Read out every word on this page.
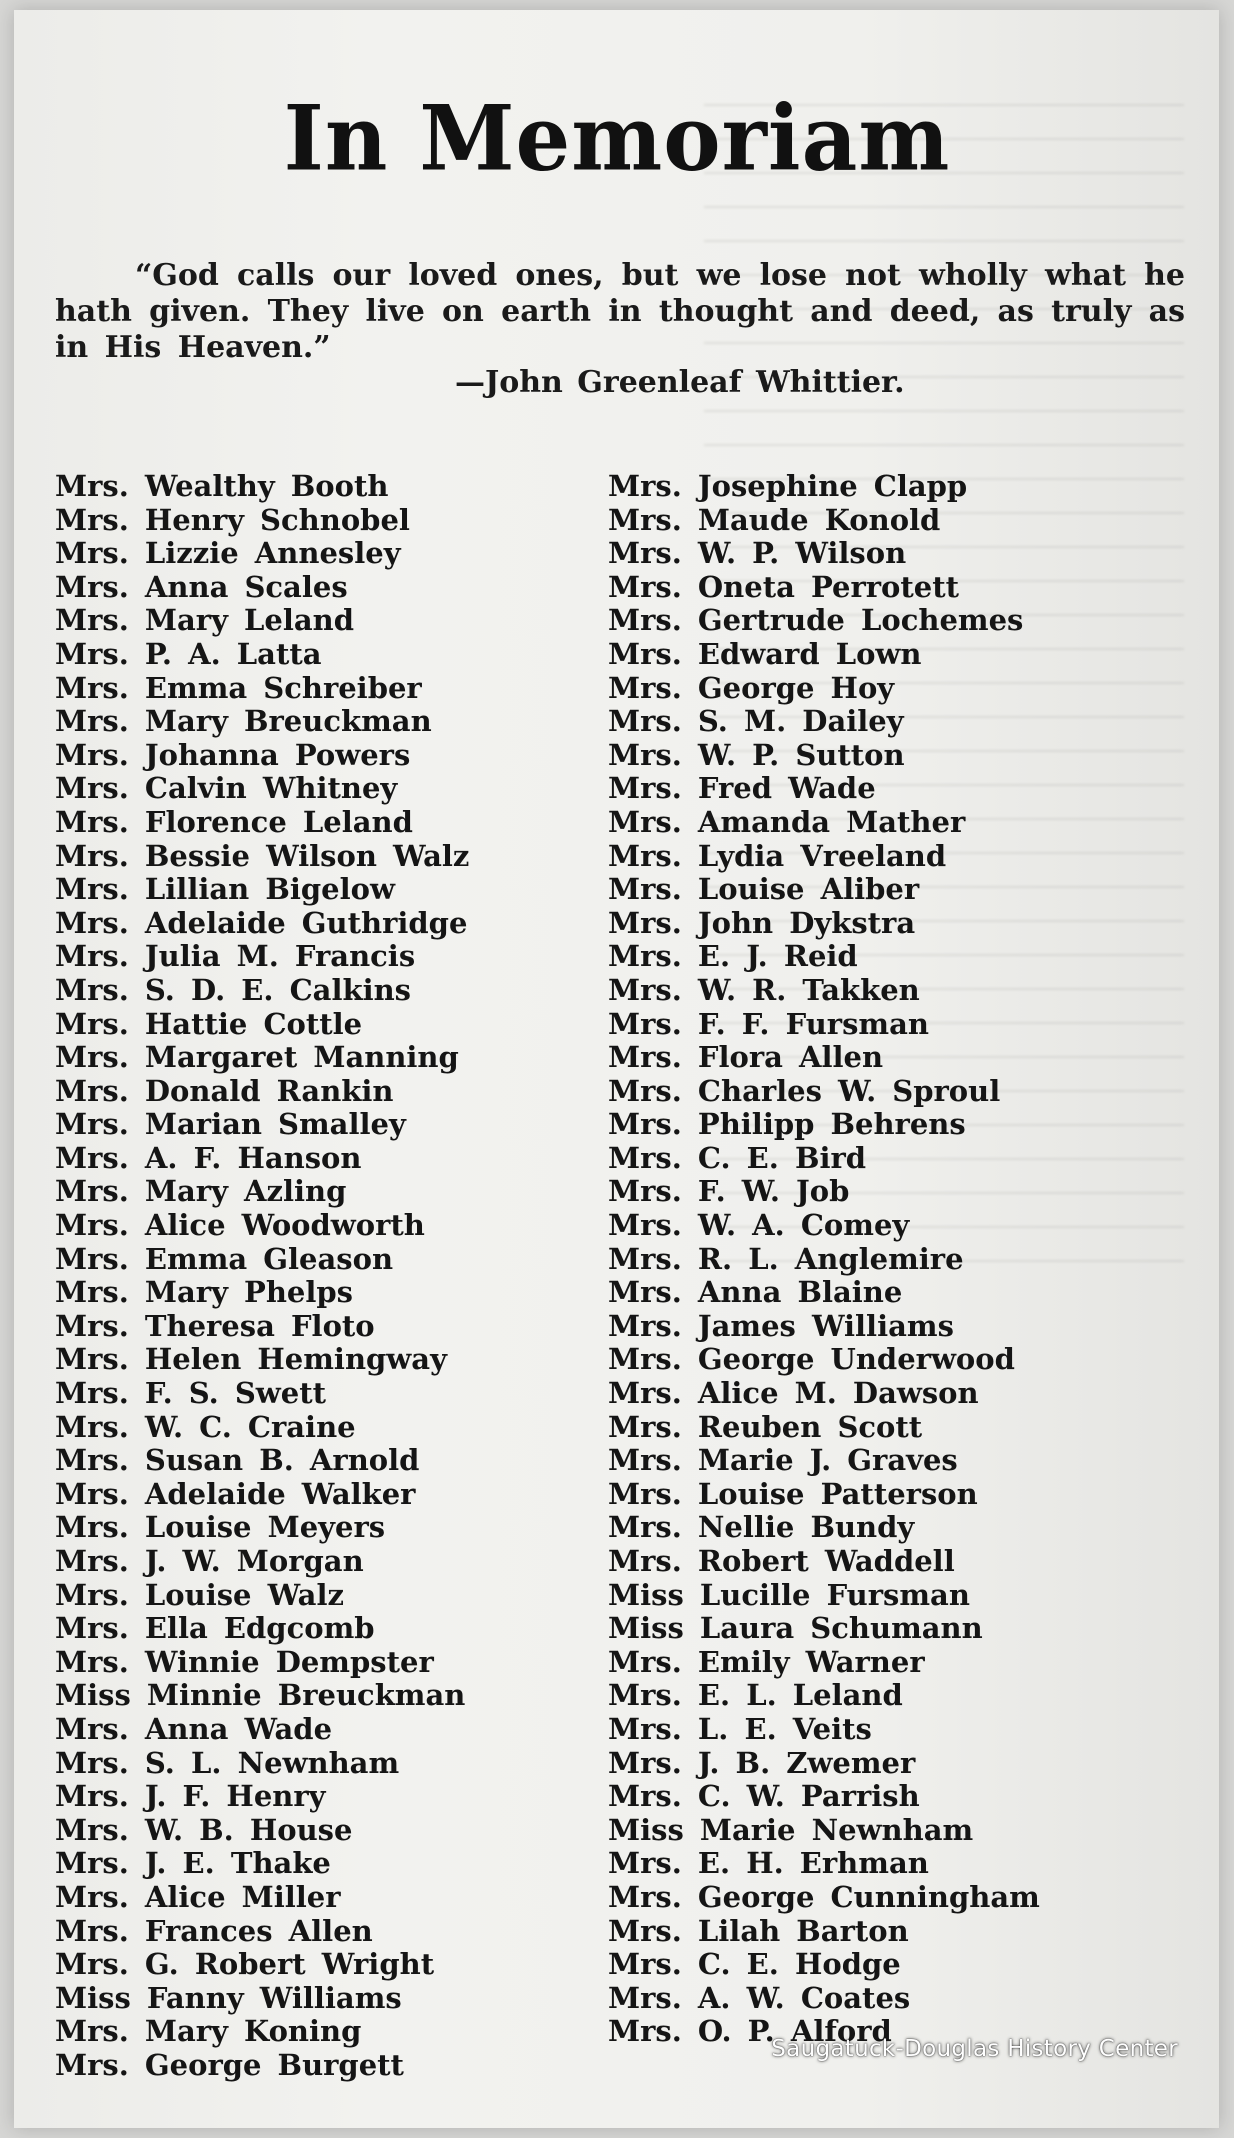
In Memoriam
“God calls our loved ones, but we lose not wholly what he hath given. They live on earth in thought and deed, as truly as in His Heaven.”
—John Greenleaf Whittier.
Mrs. Wealthy Booth
Mrs. Henry Schnobel
Mrs. Lizzie Annesley
Mrs. Anna Scales
Mrs. Mary Leland
Mrs. P. A. Latta
Mrs. Emma Schreiber
Mrs. Mary Breuckman
Mrs. Johanna Powers
Mrs. Calvin Whitney
Mrs. Florence Leland
Mrs. Bessie Wilson Walz
Mrs. Lillian Bigelow
Mrs. Adelaide Guthridge
Mrs. Julia M. Francis
Mrs. S. D. E. Calkins
Mrs. Hattie Cottle
Mrs. Margaret Manning
Mrs. Donald Rankin
Mrs. Marian Smalley
Mrs. A. F. Hanson
Mrs. Mary Azling
Mrs. Alice Woodworth
Mrs. Emma Gleason
Mrs. Mary Phelps
Mrs. Theresa Floto
Mrs. Helen Hemingway
Mrs. F. S. Swett
Mrs. W. C. Craine
Mrs. Susan B. Arnold
Mrs. Adelaide Walker
Mrs. Louise Meyers
Mrs. J. W. Morgan
Mrs. Louise Walz
Mrs. Ella Edgcomb
Mrs. Winnie Dempster
Miss Minnie Breuckman
Mrs. Anna Wade
Mrs. S. L. Newnham
Mrs. J. F. Henry
Mrs. W. B. House
Mrs. J. E. Thake
Mrs. Alice Miller
Mrs. Frances Allen
Mrs. G. Robert Wright
Miss Fanny Williams
Mrs. Mary Koning
Mrs. George Burgett
Mrs. Josephine Clapp
Mrs. Maude Konold
Mrs. W. P. Wilson
Mrs. Oneta Perrotett
Mrs. Gertrude Lochemes
Mrs. Edward Lown
Mrs. George Hoy
Mrs. S. M. Dailey
Mrs. W. P. Sutton
Mrs. Fred Wade
Mrs. Amanda Mather
Mrs. Lydia Vreeland
Mrs. Louise Aliber
Mrs. John Dykstra
Mrs. E. J. Reid
Mrs. W. R. Takken
Mrs. F. F. Fursman
Mrs. Flora Allen
Mrs. Charles W. Sproul
Mrs. Philipp Behrens
Mrs. C. E. Bird
Mrs. F. W. Job
Mrs. W. A. Comey
Mrs. R. L. Anglemire
Mrs. Anna Blaine
Mrs. James Williams
Mrs. George Underwood
Mrs. Alice M. Dawson
Mrs. Reuben Scott
Mrs. Marie J. Graves
Mrs. Louise Patterson
Mrs. Nellie Bundy
Mrs. Robert Waddell
Miss Lucille Fursman
Miss Laura Schumann
Mrs. Emily Warner
Mrs. E. L. Leland
Mrs. L. E. Veits
Mrs. J. B. Zwemer
Mrs. C. W. Parrish
Miss Marie Newnham
Mrs. E. H. Erhman
Mrs. George Cunningham
Mrs. Lilah Barton
Mrs. C. E. Hodge
Mrs. A. W. Coates
Mrs. O. P. Alford
Saugatuck-Douglas History Center
